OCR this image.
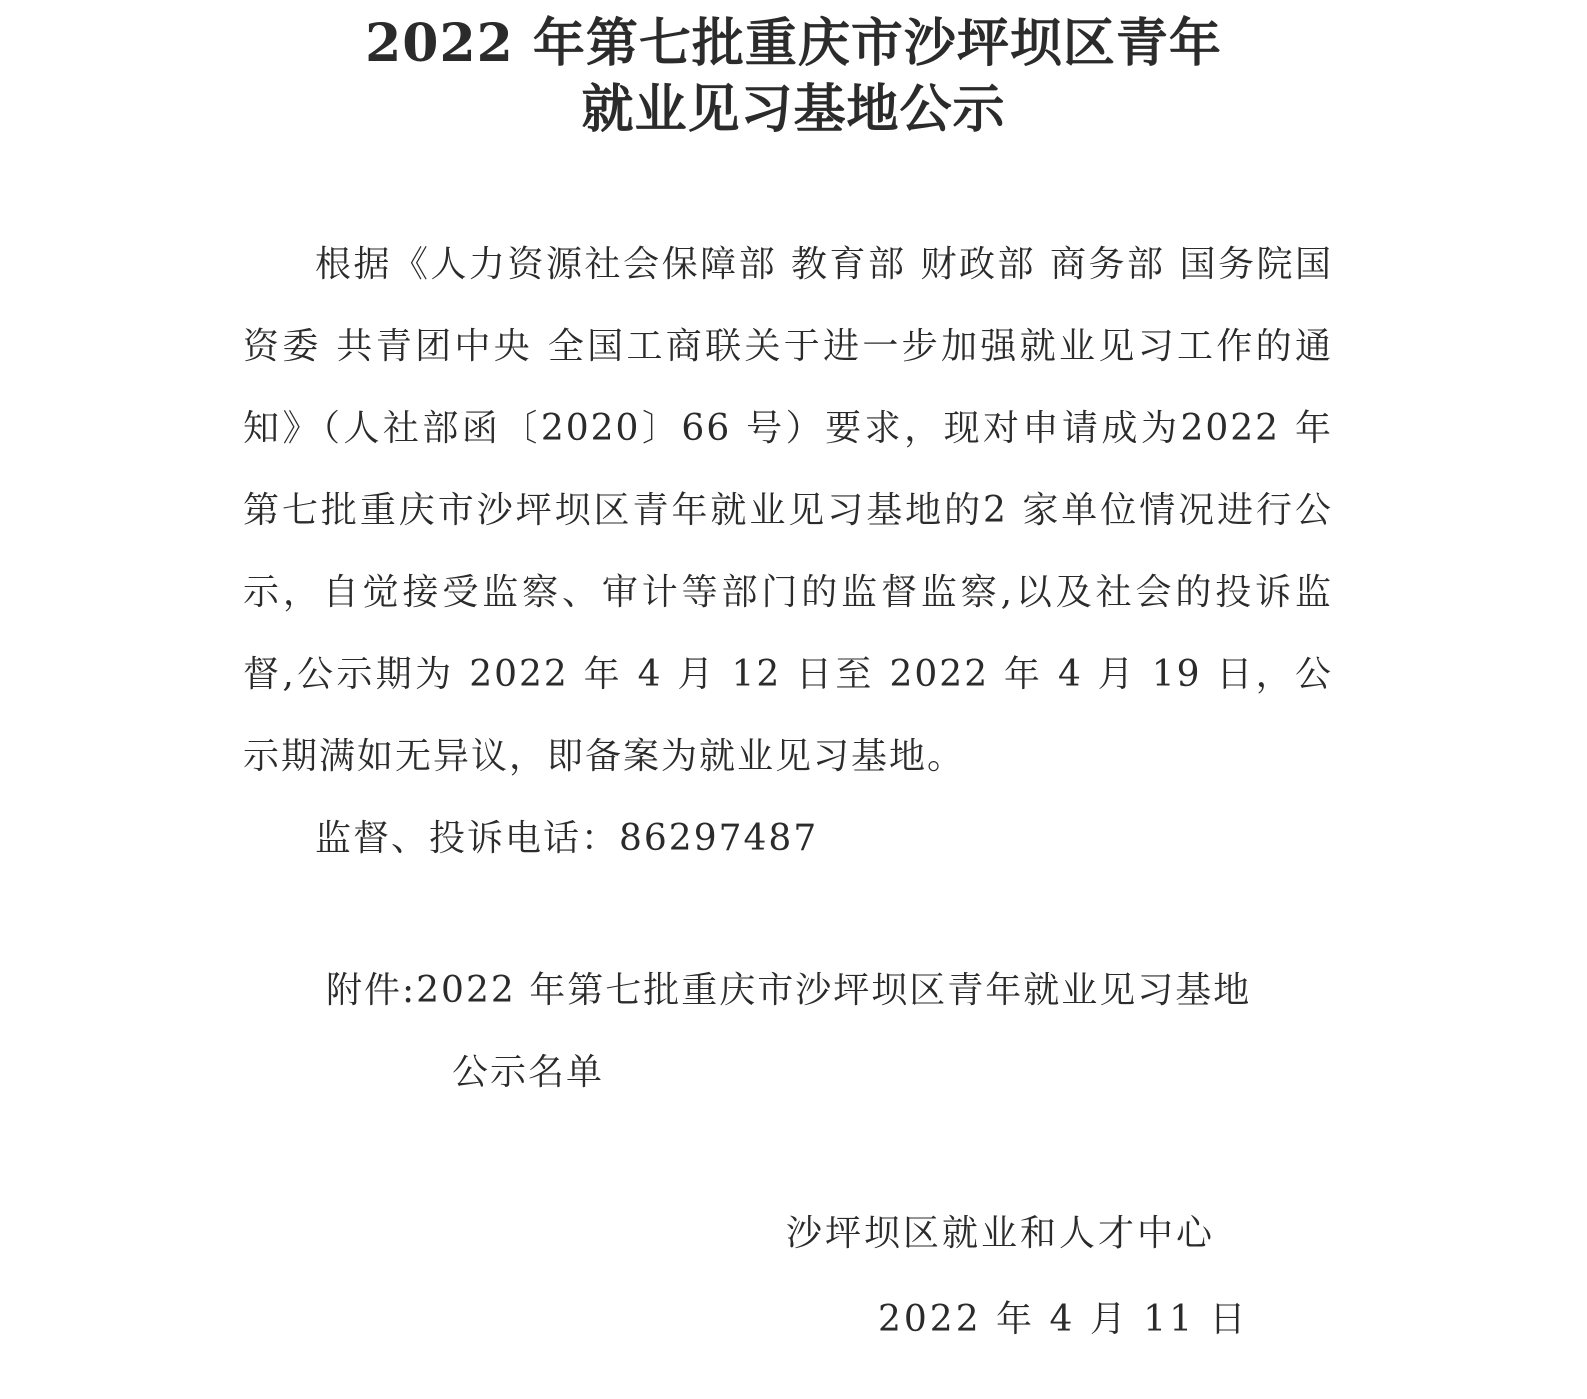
2022 年第七批重庆市沙坪坝区青年
就业见习基地公示

根据《人力资源社会保障部 教育部 财政部 商务部 国务院国资委 共青团中央 全国工商联关于进一步加强就业见习工作的通知》（人社部函〔2020〕66 号）要求，现对申请成为2022 年第七批重庆市沙坪坝区青年就业见习基地的2 家单位情况进行公示，自觉接受监察、审计等部门的监督监察,以及社会的投诉监督,公示期为 2022 年 4 月 12 日至 2022 年 4 月 19 日，公示期满如无异议，即备案为就业见习基地。

监督、投诉电话：86297487

附件:2022 年第七批重庆市沙坪坝区青年就业见习基地
公示名单
沙坪坝区就业和人才中心
2022 年 4 月 11 日
